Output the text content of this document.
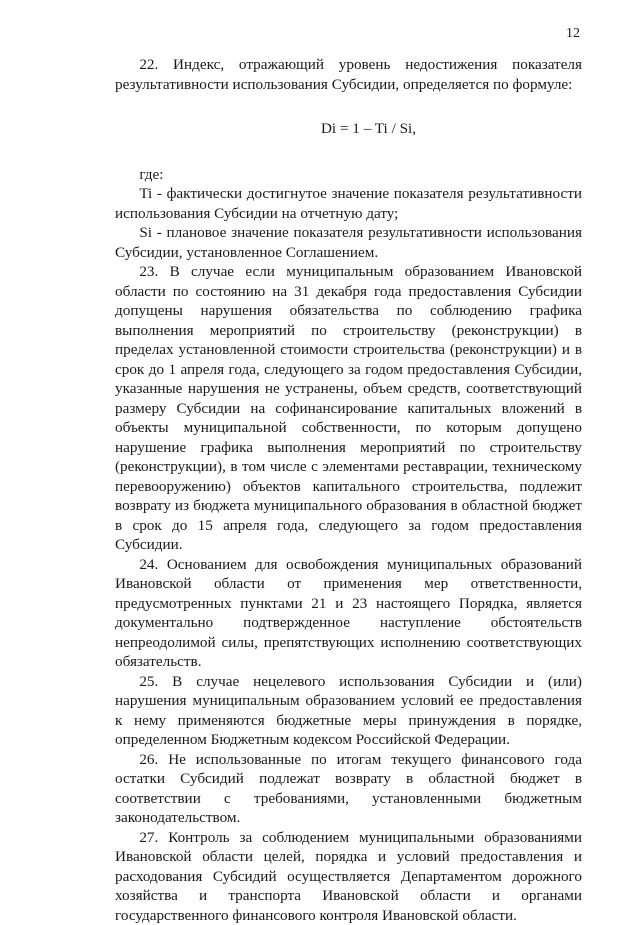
12

22. Индекс, отражающий уровень недостижения показателя результативности использования Субсидии, определяется по формуле:

Di = 1 – Ti / Si,

где:

Ti - фактически достигнутое значение показателя результативности использования Субсидии на отчетную дату;

Si - плановое значение показателя результативности использования Субсидии, установленное Соглашением.

23. В случае если муниципальным образованием Ивановской области по состоянию на 31 декабря года предоставления Субсидии допущены нарушения обязательства по соблюдению графика выполнения мероприятий по строительству (реконструкции) в пределах установленной стоимости строительства (реконструкции) и в срок до 1 апреля года, следующего за годом предоставления Субсидии, указанные нарушения не устранены, объем средств, соответствующий размеру Субсидии на софинансирование капитальных вложений в объекты муниципальной собственности, по которым допущено нарушение графика выполнения мероприятий по строительству (реконструкции), в том числе с элементами реставрации, техническому перевооружению) объектов капитального строительства, подлежит возврату из бюджета муниципального образования в областной бюджет в срок до 15 апреля года, следующего за годом предоставления Субсидии.

24. Основанием для освобождения муниципальных образований Ивановской области от применения мер ответственности, предусмотренных пунктами 21 и 23 настоящего Порядка, является документально подтвержденное наступление обстоятельств непреодолимой силы, препятствующих исполнению соответствующих обязательств.

25. В случае нецелевого использования Субсидии и (или) нарушения муниципальным образованием условий ее предоставления к нему применяются бюджетные меры принуждения в порядке, определенном Бюджетным кодексом Российской Федерации.

26. Не использованные по итогам текущего финансового года остатки Субсидий подлежат возврату в областной бюджет в соответствии с требованиями, установленными бюджетным законодательством.

27. Контроль за соблюдением муниципальными образованиями Ивановской области целей, порядка и условий предоставления и расходования Субсидий осуществляется Департаментом дорожного хозяйства и транспорта Ивановской области и органами государственного финансового контроля Ивановской области.
